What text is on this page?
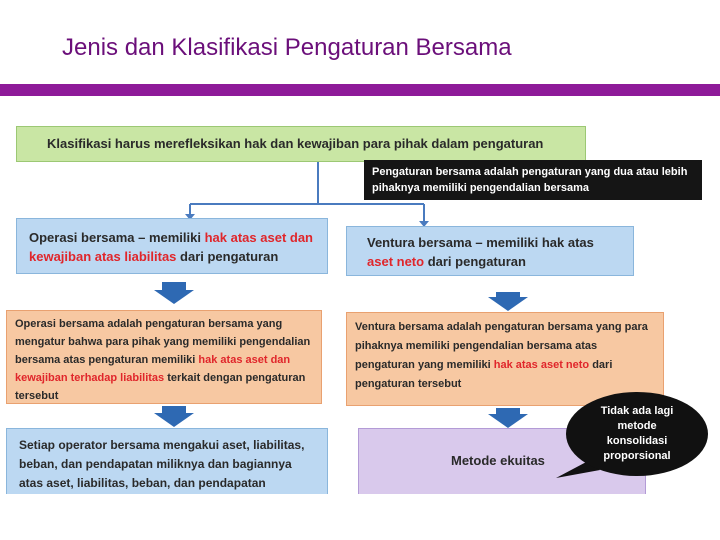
Jenis dan Klasifikasi Pengaturan Bersama
Klasifikasi harus merefleksikan hak dan kewajiban para pihak dalam pengaturan
Pengaturan bersama adalah pengaturan yang dua atau lebih pihaknya memiliki pengendalian bersama
Operasi bersama – memiliki hak atas aset dan kewajiban atas liabilitas dari pengaturan
Ventura bersama – memiliki hak atas aset neto dari pengaturan
Operasi bersama adalah pengaturan bersama yang mengatur bahwa para pihak yang memiliki pengendalian bersama atas pengaturan memiliki hak atas aset dan kewajiban terhadap liabilitas terkait dengan pengaturan tersebut
Ventura bersama adalah pengaturan bersama yang para pihaknya memiliki pengendalian bersama atas pengaturan yang memiliki hak atas aset neto dari pengaturan tersebut
Setiap operator bersama mengakui aset, liabilitas, beban, dan pendapatan miliknya dan bagiannya atas aset, liabilitas, beban, dan pendapatan
Metode ekuitas
Tidak ada lagi metode konsolidasi proporsional
